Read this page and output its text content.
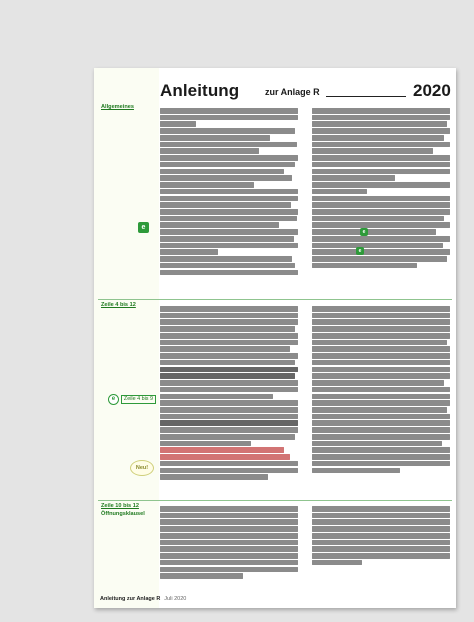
Anleitung	zur Anlage R	2020
Allgemeines
e
e
e
Zeile 4 bis 12
e	Zeile 4 bis 9
Neu!
Zeile 10 bis 12
Öffnungsklausel
Anleitung zur Anlage R Juli 2020
